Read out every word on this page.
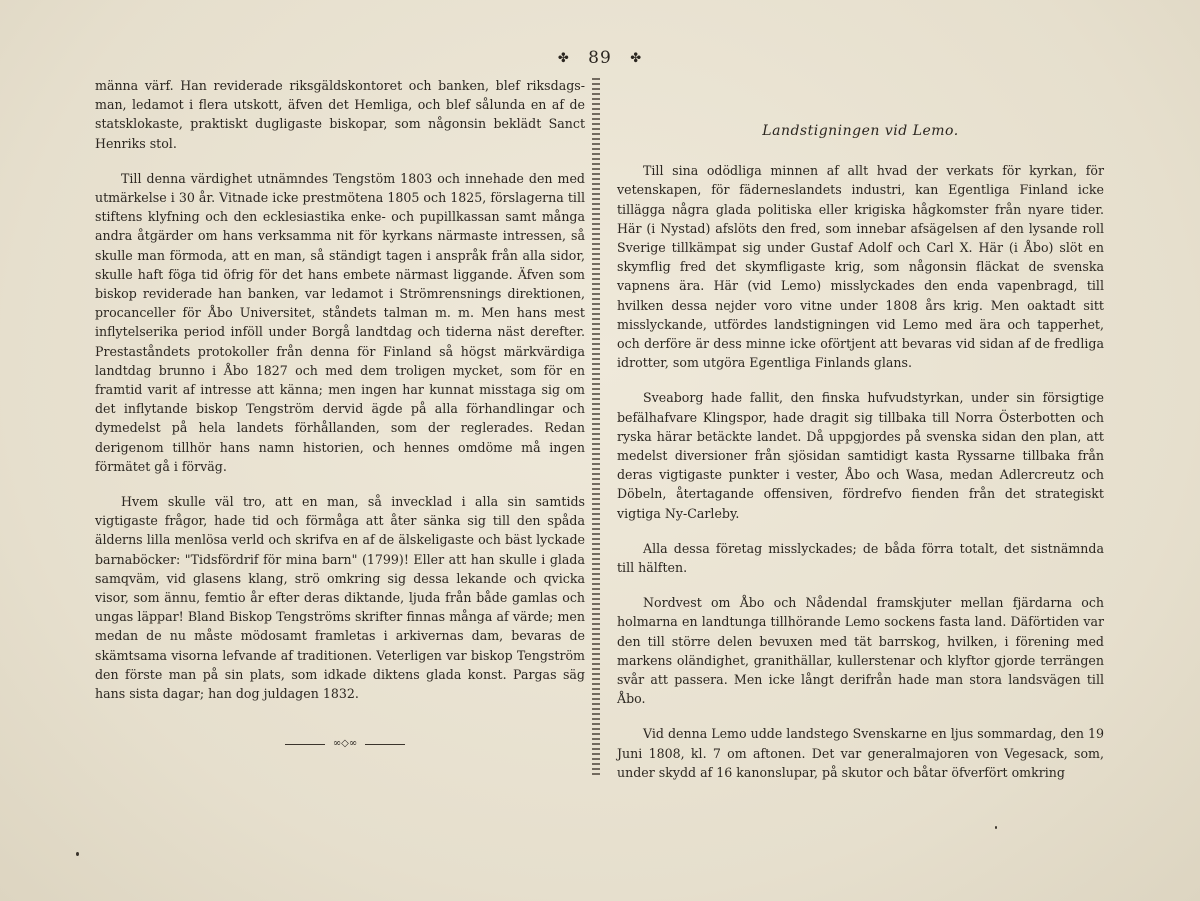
✤ 89 ✤

männa värf. Han reviderade riksgäldskontoret och banken, blef riksdags-man, ledamot i flera utskott, äfven det Hemliga, och blef sålunda en af de statsklokaste, praktiskt dugligaste biskopar, som någonsin beklädt Sanct Henriks stol.

Till denna värdighet utnämndes Tengstöm 1803 och innehade den med utmärkelse i 30 år. Vitnade icke prestmötena 1805 och 1825, förslagerna till stiftens klyfning och den ecklesiastika enke- och pupillkassan samt många andra åtgärder om hans verksamma nit för kyrkans närmaste intressen, så skulle man förmoda, att en man, så ständigt tagen i anspråk från alla sidor, skulle haft föga tid öfrig för det hans embete närmast liggande. Äfven som biskop reviderade han banken, var ledamot i Strömrensnings direktionen, procanceller för Åbo Universitet, ståndets talman m. m. Men hans mest inflytelserika period inföll under Borgå landtdag och tiderna näst derefter. Prestaståndets protokoller från denna för Finland så högst märkvärdiga landtdag brunno i Åbo 1827 och med dem troligen mycket, som för en framtid varit af intresse att känna; men ingen har kunnat misstaga sig om det inflytande biskop Tengström dervid ägde på alla förhandlingar och dymedelst på hela landets förhållanden, som der reglerades. Redan derigenom tillhör hans namn historien, och hennes omdöme må ingen förmätet gå i förväg.

Hvem skulle väl tro, att en man, så invecklad i alla sin samtids vigtigaste frågor, hade tid och förmåga att åter sänka sig till den spåda älderns lilla menlösa verld och skrifva en af de älskeligaste och bäst lyckade barnaböcker: "Tidsfördrif för mina barn" (1799)! Eller att han skulle i glada samqväm, vid glasens klang, strö omkring sig dessa lekande och qvicka visor, som ännu, femtio år efter deras diktande, ljuda från både gamlas och ungas läppar! Bland Biskop Tengströms skrifter finnas många af värde; men medan de nu måste mödosamt framletas i arkivernas dam, bevaras de skämtsama visorna lefvande af traditionen. Veterligen var biskop Tengström den förste man på sin plats, som idkade diktens glada konst. Pargas säg hans sista dagar; han dog juldagen 1832.

∞◇∞

Landstigningen vid Lemo.

Till sina odödliga minnen af allt hvad der verkats för kyrkan, för vetenskapen, för fäderneslandets industri, kan Egentliga Finland icke tillägga några glada politiska eller krigiska hågkomster från nyare tider. Här (i Nystad) afslöts den fred, som innebar afsägelsen af den lysande roll Sverige tillkämpat sig under Gustaf Adolf och Carl X. Här (i Åbo) slöt en skymflig fred det skymfligaste krig, som någonsin fläckat de svenska vapnens ära. Här (vid Lemo) misslyckades den enda vapenbragd, till hvilken dessa nejder voro vitne under 1808 års krig. Men oaktadt sitt misslyckande, utfördes landstigningen vid Lemo med ära och tapperhet, och derföre är dess minne icke oförtjent att bevaras vid sidan af de fredliga idrotter, som utgöra Egentliga Finlands glans.

Sveaborg hade fallit, den finska hufvudstyrkan, under sin försigtige befälhafvare Klingspor, hade dragit sig tillbaka till Norra Österbotten och ryska härar betäckte landet. Då uppgjordes på svenska sidan den plan, att medelst diversioner från sjösidan samtidigt kasta Ryssarne tillbaka från deras vigtigaste punkter i vester, Åbo och Wasa, medan Adlercreutz och Döbeln, återtagande offensiven, fördrefvo fienden från det strategiskt vigtiga Ny-Carleby.

Alla dessa företag misslyckades; de båda förra totalt, det sistnämnda till hälften.

Nordvest om Åbo och Nådendal framskjuter mellan fjärdarna och holmarna en landtunga tillhörande Lemo sockens fasta land. Däförtiden var den till större delen bevuxen med tät barrskog, hvilken, i förening med markens oländighet, granithällar, kullerstenar och klyftor gjorde terrängen svår att passera. Men icke långt derifrån hade man stora landsvägen till Åbo.

Vid denna Lemo udde landstego Svenskarne en ljus sommardag, den 19 Juni 1808, kl. 7 om aftonen. Det var generalmajoren von Vegesack, som, under skydd af 16 kanonslupar, på skutor och båtar öfverfört omkring
